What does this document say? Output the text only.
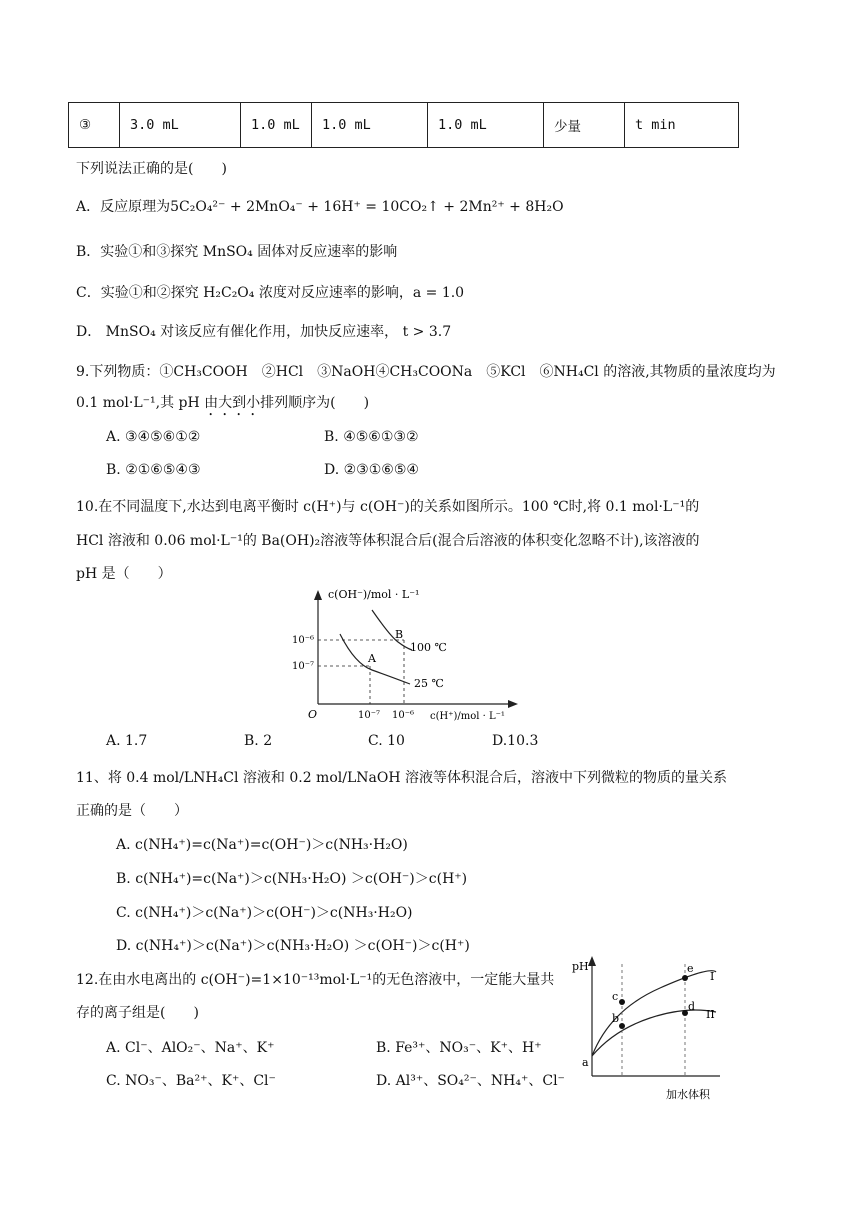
③	3.0 mL	1.0 mL	1.0 mL	1.0 mL	少量	t min
下列说法正确的是(　　)
A．反应原理为5C₂O₄²⁻ + 2MnO₄⁻ + 16H⁺ = 10CO₂↑ + 2Mn²⁺ + 8H₂O
B．实验①和③探究 MnSO₄ 固体对反应速率的影响
C．实验①和②探究 H₂C₂O₄ 浓度对反应速率的影响，a = 1.0
D． MnSO₄ 对该反应有催化作用，加快反应速率， t > 3.7
9.下列物质：①CH₃COOH　②HCl　③NaOH④CH₃COONa　⑤KCl　⑥NH₄Cl 的溶液,其物质的量浓度均为
0.1 mol·L⁻¹,其 pH 由大到小排列顺序为(　　)
A. ③④⑤⑥①②	B. ④⑤⑥①③②
B. ②①⑥⑤④③	D. ②③①⑥⑤④
10.在不同温度下,水达到电离平衡时 c(H⁺)与 c(OH⁻)的关系如图所示。100 ℃时,将 0.1 mol·L⁻¹的
HCl 溶液和 0.06 mol·L⁻¹的 Ba(OH)₂溶液等体积混合后(混合后溶液的体积变化忽略不计),该溶液的
pH 是（　　）
c(OH⁻)/mol · L⁻¹
10⁻⁶
10⁻⁷
O	10⁻⁷ 10⁻⁶ c(H⁺)/mol · L⁻¹
A
B
100 ℃
25 ℃
A. 1.7	B. 2	C. 10	D.10.3
11、将 0.4 mol/LNH₄Cl 溶液和 0.2 mol/LNaOH 溶液等体积混合后，溶液中下列微粒的物质的量关系
正确的是（　　）
A. c(NH₄⁺)=c(Na⁺)=c(OH⁻)＞c(NH₃·H₂O)
B. c(NH₄⁺)=c(Na⁺)＞c(NH₃·H₂O) ＞c(OH⁻)＞c(H⁺)
C. c(NH₄⁺)＞c(Na⁺)＞c(OH⁻)＞c(NH₃·H₂O)
D. c(NH₄⁺)＞c(Na⁺)＞c(NH₃·H₂O) ＞c(OH⁻)＞c(H⁺)
12.在由水电离出的 c(OH⁻)=1×10⁻¹³mol·L⁻¹的无色溶液中，一定能大量共
存的离子组是(　　)
A. Cl⁻、AlO₂⁻、Na⁺、K⁺	B. Fe³⁺、NO₃⁻、K⁺、H⁺
C. NO₃⁻、Ba²⁺、K⁺、Cl⁻	D. Al³⁺、SO₄²⁻、NH₄⁺、Cl⁻
pH
a
b
c
d
e
I
II
加水体积
